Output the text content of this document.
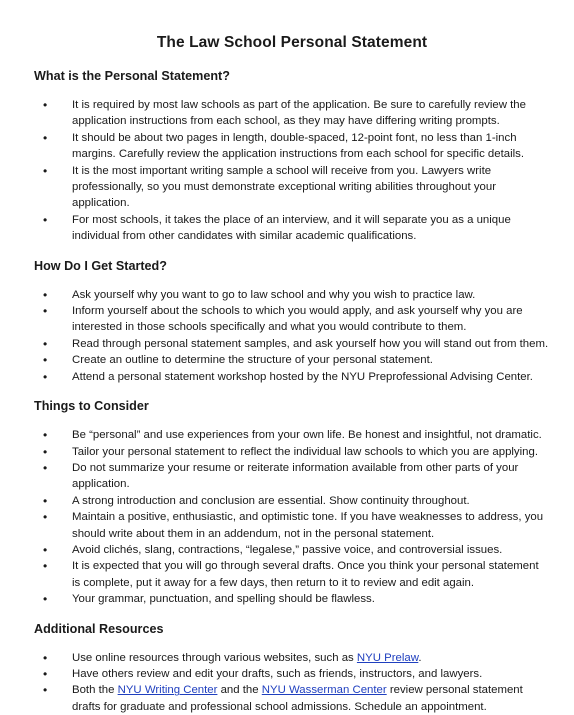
The Law School Personal Statement
What is the Personal Statement?
• It is required by most law schools as part of the application. Be sure to carefully review the application instructions from each school, as they may have differing writing prompts.
• It should be about two pages in length, double-spaced, 12-point font, no less than 1-inch margins. Carefully review the application instructions from each school for specific details.
• It is the most important writing sample a school will receive from you. Lawyers write professionally, so you must demonstrate exceptional writing abilities throughout your application.
• For most schools, it takes the place of an interview, and it will separate you as a unique individual from other candidates with similar academic qualifications.
How Do I Get Started?
• Ask yourself why you want to go to law school and why you wish to practice law.
• Inform yourself about the schools to which you would apply, and ask yourself why you are interested in those schools specifically and what you would contribute to them.
• Read through personal statement samples, and ask yourself how you will stand out from them.
• Create an outline to determine the structure of your personal statement.
• Attend a personal statement workshop hosted by the NYU Preprofessional Advising Center.
Things to Consider
• Be “personal” and use experiences from your own life. Be honest and insightful, not dramatic.
• Tailor your personal statement to reflect the individual law schools to which you are applying.
• Do not summarize your resume or reiterate information available from other parts of your application.
• A strong introduction and conclusion are essential. Show continuity throughout.
• Maintain a positive, enthusiastic, and optimistic tone. If you have weaknesses to address, you should write about them in an addendum, not in the personal statement.
• Avoid clichés, slang, contractions, “legalese,” passive voice, and controversial issues.
• It is expected that you will go through several drafts. Once you think your personal statement is complete, put it away for a few days, then return to it to review and edit again.
• Your grammar, punctuation, and spelling should be flawless.
Additional Resources
• Use online resources through various websites, such as NYU Prelaw.
• Have others review and edit your drafts, such as friends, instructors, and lawyers.
• Both the NYU Writing Center and the NYU Wasserman Center review personal statement drafts for graduate and professional school admissions. Schedule an appointment.
